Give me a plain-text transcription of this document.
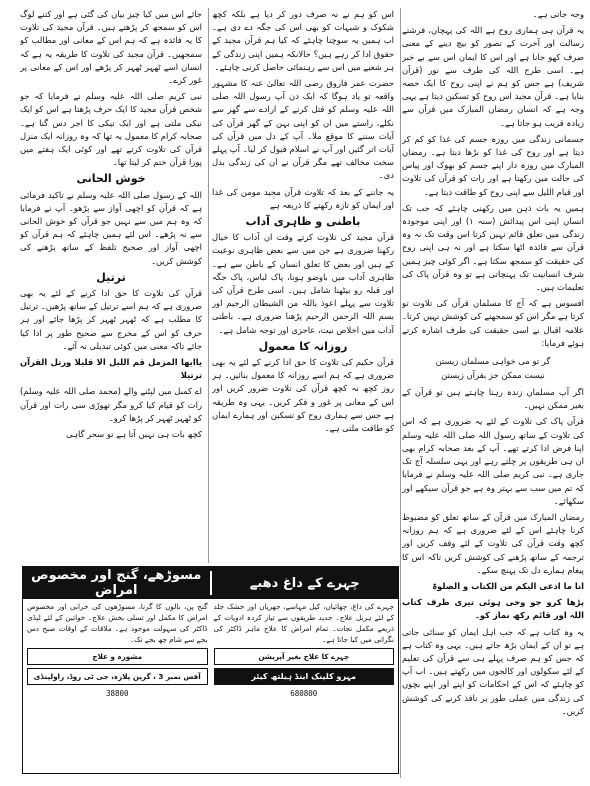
وجہ جاتی ہے۔

یہ قرآن ہی ہماری روح ہے اللہ کی پہچان، فرشتے رسالت اور آخرت کے تصور کو بیچ دینے کے معنی صرف کھو جانا ہے اور اس کا ایمان اس سے بے خبر ہے۔ اسی طرح اللہ کی طرف سے نور (قرآن شریف) ہے جس کو ہم نے اپنی روح کا ایک حصہ بنایا ہے۔ قرآن مجید اس روح کو تسکین دیتا ہے یہی وجہ ہے کہ انسان رمضان المبارک میں قرآن سے زیادہ قریب ہو جاتا ہے۔

جسمانی زندگی میں روزہ جسم کی غذا کو کم کر دیتا ہے اور روح کی غذا کو بڑھا دیتا ہے۔ رمضان المبارک میں روزہ دار اپنے جسم کو بھوک اور پیاس کی حالت میں رکھتا ہے اور رات کو قرآن کی تلاوت اور قیام اللیل سے اپنی روح کو طاقت دیتا ہے۔

ہمیں یہ بات ذہن میں رکھنی چاہئے کہ جب تک انسان اپنی اس پیدائش (سنہ ۱) اور اپنی موجودہ زندگی میں تعلق قائم نہیں کرتا اس وقت تک نہ وہ قرآن سے فائدہ اٹھا سکتا ہے اور نہ ہی اپنی روح کی حقیقت کو سمجھ سکتا ہے۔ اگر کوئی چیز ہمیں شرف انسانیت تک پہنچاتی ہے تو وہ قرآن پاک کی تعلیمات ہیں۔

افسوس ہے کہ آج کا مسلمان قرآن کی تلاوت تو کرتا ہے مگر اس کو سمجھنے کی کوشش نہیں کرتا۔ علامہ اقبال نے اسی حقیقت کی طرف اشارہ کرتے ہوئے فرمایا:

گر تو می خواہی مسلماں زیستن
نیست ممکن جز بقرآں زیستن

اگر آپ مسلمان زندہ رہنا چاہتے ہیں تو قرآن کے بغیر ممکن نہیں۔

قرآن پاک کی تلاوت کے لئے یہ ضروری ہے کہ اس کی تلاوت کے ساتھ رسول اللہ صلی اللہ علیہ وسلم اپنا فرض ادا کرتے تھے۔ آپ کے بعد صحابہ کرام بھی ان ہی طریقوں پر چلتے رہے اور یہی سلسلہ آج تک جاری ہے۔ نبی کریم صلی اللہ علیہ وسلم نے فرمایا کہ تم میں سب سے بہتر وہ ہے جو قرآن سیکھے اور سکھائے۔

رمضان المبارک میں قرآن کے ساتھ تعلق کو مضبوط کرنا چاہئے اس کے لئے ضروری ہے کہ ہم روزانہ کچھ وقت قرآن کی تلاوت کے لئے وقف کریں اور ترجمہ کے ساتھ پڑھنے کی کوشش کریں تاکہ اس کا پیغام ہمارے دل تک پہنچ سکے۔

انا ما ادعی الیکم من الکتاب و الصلوۃ

پڑھا کرو جو وحی ہوئی تیری طرف کتاب اللہ اور قائم رکھ نماز کو۔

یہ وہ کتاب ہے کہ جب اہل ایمان کو سنائی جاتی ہے تو ان کے ایمان بڑھ جاتے ہیں۔ یہی وہ کتاب ہے کہ جس کو ہم صرف پہلے ہی سے قرآن کی تعلیم کے لئے سکولوں اور کالجوں میں رکھتے ہیں۔ اب آپ کو چاہئے کہ اس کے احکامات کو اپنے اور اپنے بچوں کی زندگی میں عملی طور پر نافذ کرنے کی کوشش کریں۔

اس کو ہم نے نہ صرف دور کر دیا ہے بلکہ کچھ شکوک و شبہات کو بھی اس کی جگہ دے دی ہے۔ اب ہمیں یہ سوچنا چاہئے کہ کیا ہم قرآن مجید کے حقوق ادا کر رہے ہیں؟ حالانکہ ہمیں اپنی زندگی کے ہر شعبے میں اس سے رہنمائی حاصل کرنی چاہئے۔

حضرت عمر فاروق رضی اللہ تعالیٰ عنہ کا مشہور واقعہ تو یاد ہوگا کہ ایک دن آپ رسول اللہ صلی اللہ علیہ وسلم کو قتل کرنے کے ارادے سے گھر سے نکلے، راستے میں ان کو اپنی بہن کے گھر قرآن کی آیات سننے کا موقع ملا۔ آپ کے دل میں قرآن کی آیات اتر گئیں اور آپ نے اسلام قبول کر لیا۔ آپ پہلے سخت مخالف تھے مگر قرآن نے ان کی زندگی بدل دی۔

یہ جاننے کے بعد کہ تلاوت قرآن مجید مومن کی غذا اور ایمان کو تازہ رکھنے کا ذریعہ ہے

باطنی و ظاہری آداب

قرآن مجید کی تلاوت کرتے وقت ان آداب کا خیال رکھنا ضروری ہے جن میں سے بعض ظاہری نوعیت کے ہیں اور بعض کا تعلق انسان کے باطن سے ہے۔ ظاہری آداب میں باوضو ہونا، پاک لباس، پاک جگہ اور قبلہ رو بیٹھنا شامل ہیں۔ اسی طرح قرآن کی تلاوت سے پہلے اعوذ باللہ من الشیطان الرجیم اور بسم اللہ الرحمن الرحیم پڑھنا ضروری ہے۔ باطنی آداب میں اخلاص نیت، عاجزی اور توجہ شامل ہے۔

روزانہ کا معمول

قرآن حکیم کی تلاوت کا حق ادا کرنے کے لئے یہ بھی ضروری ہے کہ ہم اسے روزانہ کا معمول بنائیں۔ ہر روز کچھ نہ کچھ قرآن کی تلاوت ضرور کریں اور اس کے معانی پر غور و فکر کریں۔ یہی وہ طریقہ ہے جس سے ہماری روح کو تسکین اور ہمارے ایمان کو طاقت ملتی ہے۔

جائے اس میں کیا چیز بیان کی گئی ہے اور کتنے لوگ اس کو سمجھ کر پڑھتے ہیں۔ قرآن مجید کی تلاوت کا یہ فائدہ ہے کہ ہم اس کے معانی اور مطالب کو سمجھیں۔ قرآن مجید کی تلاوت کا طریقہ یہ ہے کہ انسان اسے ٹھہر ٹھہر کر پڑھے اور اس کے معانی پر غور کرے۔

نبی کریم صلی اللہ علیہ وسلم نے فرمایا کہ جو شخص قرآن مجید کا ایک حرف پڑھتا ہے اس کو ایک نیکی ملتی ہے اور ایک نیکی کا اجر دس گنا ہے۔ صحابہ کرام کا معمول یہ تھا کہ وہ روزانہ ایک منزل قرآن کی تلاوت کرتے تھے اور کوئی ایک ہفتے میں پورا قرآن ختم کر لیتا تھا۔

خوش الحانی

اللہ کے رسول صلی اللہ علیہ وسلم نے تاکید فرمائی ہے کہ قرآن کو اچھی آواز سے پڑھو۔ آپ نے فرمایا کہ وہ ہم میں سے نہیں جو قرآن کو خوش الحانی سے نہ پڑھے۔ اس لئے ہمیں چاہئے کہ ہم قرآن کو اچھی آواز اور صحیح تلفظ کے ساتھ پڑھنے کی کوشش کریں۔

ترتیل

قرآن کی تلاوت کا حق ادا کرنے کے لئے یہ بھی ضروری ہے کہ ہم اسے ترتیل کے ساتھ پڑھیں۔ ترتیل کا مطلب ہے کہ ٹھہر ٹھہر کر پڑھا جائے اور ہر حرف کو اس کے مخرج سے صحیح طور پر ادا کیا جائے تاکہ معنی میں کوئی تبدیلی نہ آئے۔

یاایھا المزمل قم اللیل الا قلیلا ورتل القرآن ترتیلا

اے کمبل میں لپٹنے والے (محمد صلی اللہ علیہ وسلم) رات کو قیام کیا کرو مگر تھوڑی سی رات اور قرآن کو ٹھہر ٹھہر کر پڑھا کرو۔

کچھ بات ہی نہیں آتا ہے تو سحر گاہی

چہرے کے داغ دھبے
مسوڑھے، گنج اور مخصوص امراض

چہرے کی داغ، چھائیاں، کیل مہاسے، جھریاں اور خشک جلد کے لئے ہربل علاج۔ جدید طریقوں سے تیار کردہ ادویات کے ذریعے مکمل نجات۔ تمام امراض کا علاج ماہر ڈاکٹر کی نگرانی میں کیا جاتا ہے۔

چہرے کا علاج بغیر آپریشن
مہرو کلینک اینڈ ہیلتھ کیئر
680800

گنج پن، بالوں کا گرنا، مسوڑھوں کی خرابی اور مخصوص امراض کا مکمل اور تسلی بخش علاج۔ خواتین کے لئے لیڈی ڈاکٹر کی سہولت موجود ہے۔ ملاقات کے اوقات صبح دس بجے سے شام چھ بجے تک۔

مشورہ و علاج
آفس نمبر 3 ، گرین پلازہ، جی ٹی روڈ، راولپنڈی
38800
